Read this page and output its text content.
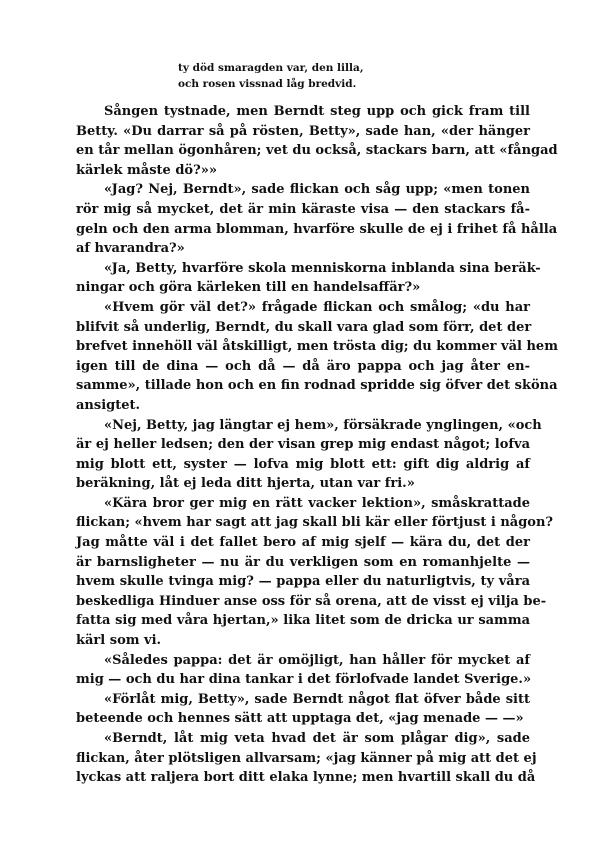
ty död smaragden var, den lilla,
och rosen vissnad låg bredvid.
Sången tystnade, men Berndt steg upp och gick fram till
Betty. «Du darrar så på rösten, Betty», sade han, «der hänger
en tår mellan ögonhåren; vet du också, stackars barn, att «fångad
kärlek måste dö?»»
«Jag? Nej, Berndt», sade flickan och såg upp; «men tonen
rör mig så mycket, det är min käraste visa — den stackars få-
geln och den arma blomman, hvarföre skulle de ej i frihet få hålla
af hvarandra?»
«Ja, Betty, hvarföre skola menniskorna inblanda sina beräk-
ningar och göra kärleken till en handelsaffär?»
«Hvem gör väl det?» frågade flickan och smålog; «du har
blifvit så underlig, Berndt, du skall vara glad som förr, det der
brefvet innehöll väl åtskilligt, men trösta dig; du kommer väl hem
igen till de dina — och då — då äro pappa och jag åter en-
samme», tillade hon och en fin rodnad spridde sig öfver det sköna
ansigtet.
«Nej, Betty, jag längtar ej hem», försäkrade ynglingen, «och
är ej heller ledsen; den der visan grep mig endast något; lofva
mig blott ett, syster — lofva mig blott ett: gift dig aldrig af
beräkning, låt ej leda ditt hjerta, utan var fri.»
«Kära bror ger mig en rätt vacker lektion», småskrattade
flickan; «hvem har sagt att jag skall bli kär eller förtjust i någon?
Jag måtte väl i det fallet bero af mig sjelf — kära du, det der
är barnsligheter — nu är du verkligen som en romanhjelte —
hvem skulle tvinga mig? — pappa eller du naturligtvis, ty våra
beskedliga Hinduer anse oss för så orena, att de visst ej vilja be-
fatta sig med våra hjertan,» lika litet som de dricka ur samma
kärl som vi.
«Således pappa: det är omöjligt, han håller för mycket af
mig — och du har dina tankar i det förlofvade landet Sverige.»
«Förlåt mig, Betty», sade Berndt något flat öfver både sitt
beteende och hennes sätt att upptaga det, «jag menade — —»
«Berndt, låt mig veta hvad det är som plågar dig», sade
flickan, åter plötsligen allvarsam; «jag känner på mig att det ej
lyckas att raljera bort ditt elaka lynne; men hvartill skall du då
